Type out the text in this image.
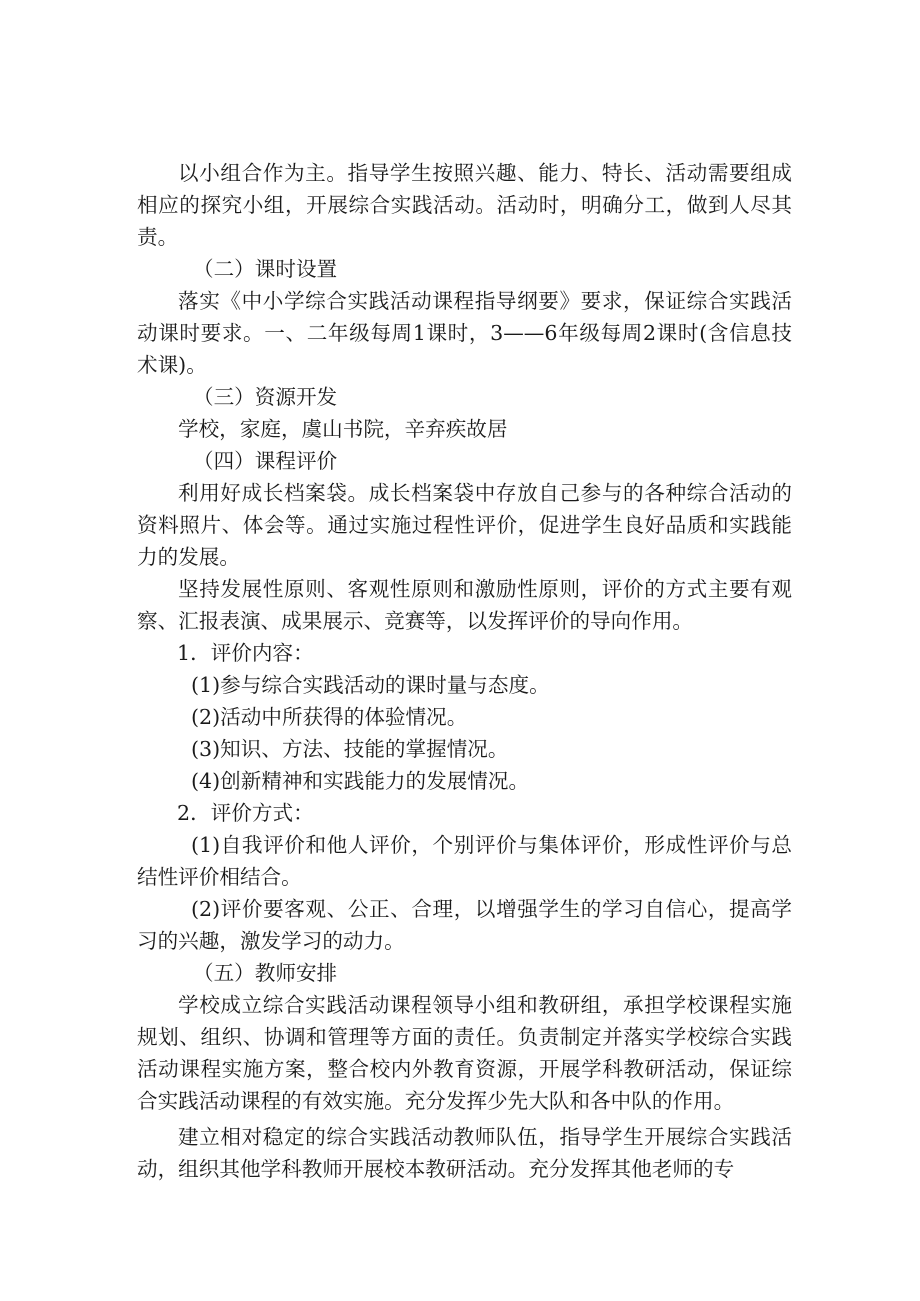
以小组合作为主。指导学生按照兴趣、能力、特长、活动需要组成相应的探究小组，开展综合实践活动。活动时，明确分工，做到人尽其责。

（二）课时设置

落实《中小学综合实践活动课程指导纲要》要求，保证综合实践活动课时要求。一、二年级每周1课时，3——6年级每周2课时(含信息技术课)。

（三）资源开发

学校，家庭，虞山书院，辛弃疾故居

（四）课程评价

利用好成长档案袋。成长档案袋中存放自己参与的各种综合活动的资料照片、体会等。通过实施过程性评价，促进学生良好品质和实践能力的发展。

坚持发展性原则、客观性原则和激励性原则，评价的方式主要有观察、汇报表演、成果展示、竞赛等，以发挥评价的导向作用。

1．评价内容：

(1)参与综合实践活动的课时量与态度。

(2)活动中所获得的体验情况。

(3)知识、方法、技能的掌握情况。

(4)创新精神和实践能力的发展情况。

2．评价方式：

(1)自我评价和他人评价，个别评价与集体评价，形成性评价与总结性评价相结合。

(2)评价要客观、公正、合理，以增强学生的学习自信心，提高学习的兴趣，激发学习的动力。

（五）教师安排

学校成立综合实践活动课程领导小组和教研组，承担学校课程实施规划、组织、协调和管理等方面的责任。负责制定并落实学校综合实践活动课程实施方案，整合校内外教育资源，开展学科教研活动，保证综合实践活动课程的有效实施。充分发挥少先大队和各中队的作用。

建立相对稳定的综合实践活动教师队伍，指导学生开展综合实践活动，组织其他学科教师开展校本教研活动。充分发挥其他老师的专
